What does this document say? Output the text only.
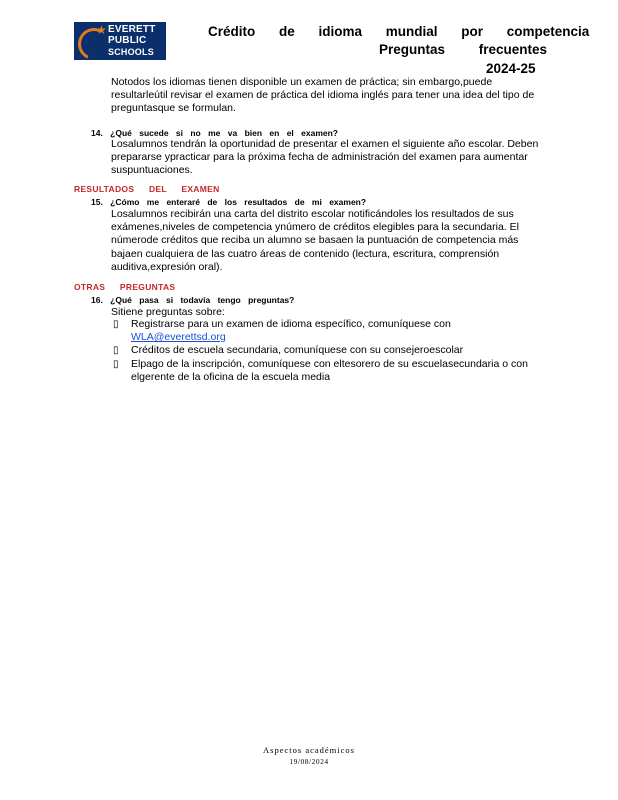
★ EVERETT
PUBLIC
SCHOOLS
Crédito de idioma mundial por competencia
Preguntas frecuentes
2024-25
Notodos los idiomas tienen disponible un examen de práctica; sin embargo,puede resultarleútil revisar el examen de práctica del idioma inglés para tener una idea del tipo de preguntasque se formulan.
14. ¿Qué sucede si no me va bien en el examen?
Losalumnos tendrán la oportunidad de presentar el examen el siguiente año escolar. Deben prepararse ypracticar para la próxima fecha de administración del examen para aumentar suspuntuaciones.
RESULTADOS DEL EXAMEN
15. ¿Cómo me enteraré de los resultados de mi examen?
Losalumnos recibirán una carta del distrito escolar notificándoles los resultados de sus exámenes,niveles de competencia ynúmero de créditos elegibles para la secundaria. El númerode créditos que reciba un alumno se basaen la puntuación de competencia más bajaen cualquiera de las cuatro áreas de contenido (lectura, escritura, comprensión auditiva,expresión oral).
OTRAS PREGUNTAS
16. ¿Qué pasa si todavía tengo preguntas?
Sitiene preguntas sobre:
▯ Registrarse para un examen de idioma específico, comuníquese con
WLA@everettsd.org
▯ Créditos de escuela secundaria, comuníquese con su consejeroescolar
▯ Elpago de la inscripción, comuníquese con eltesorero de su escuelasecundaria o con elgerente de la oficina de la escuela media
Aspectos académicos
19/08/2024
